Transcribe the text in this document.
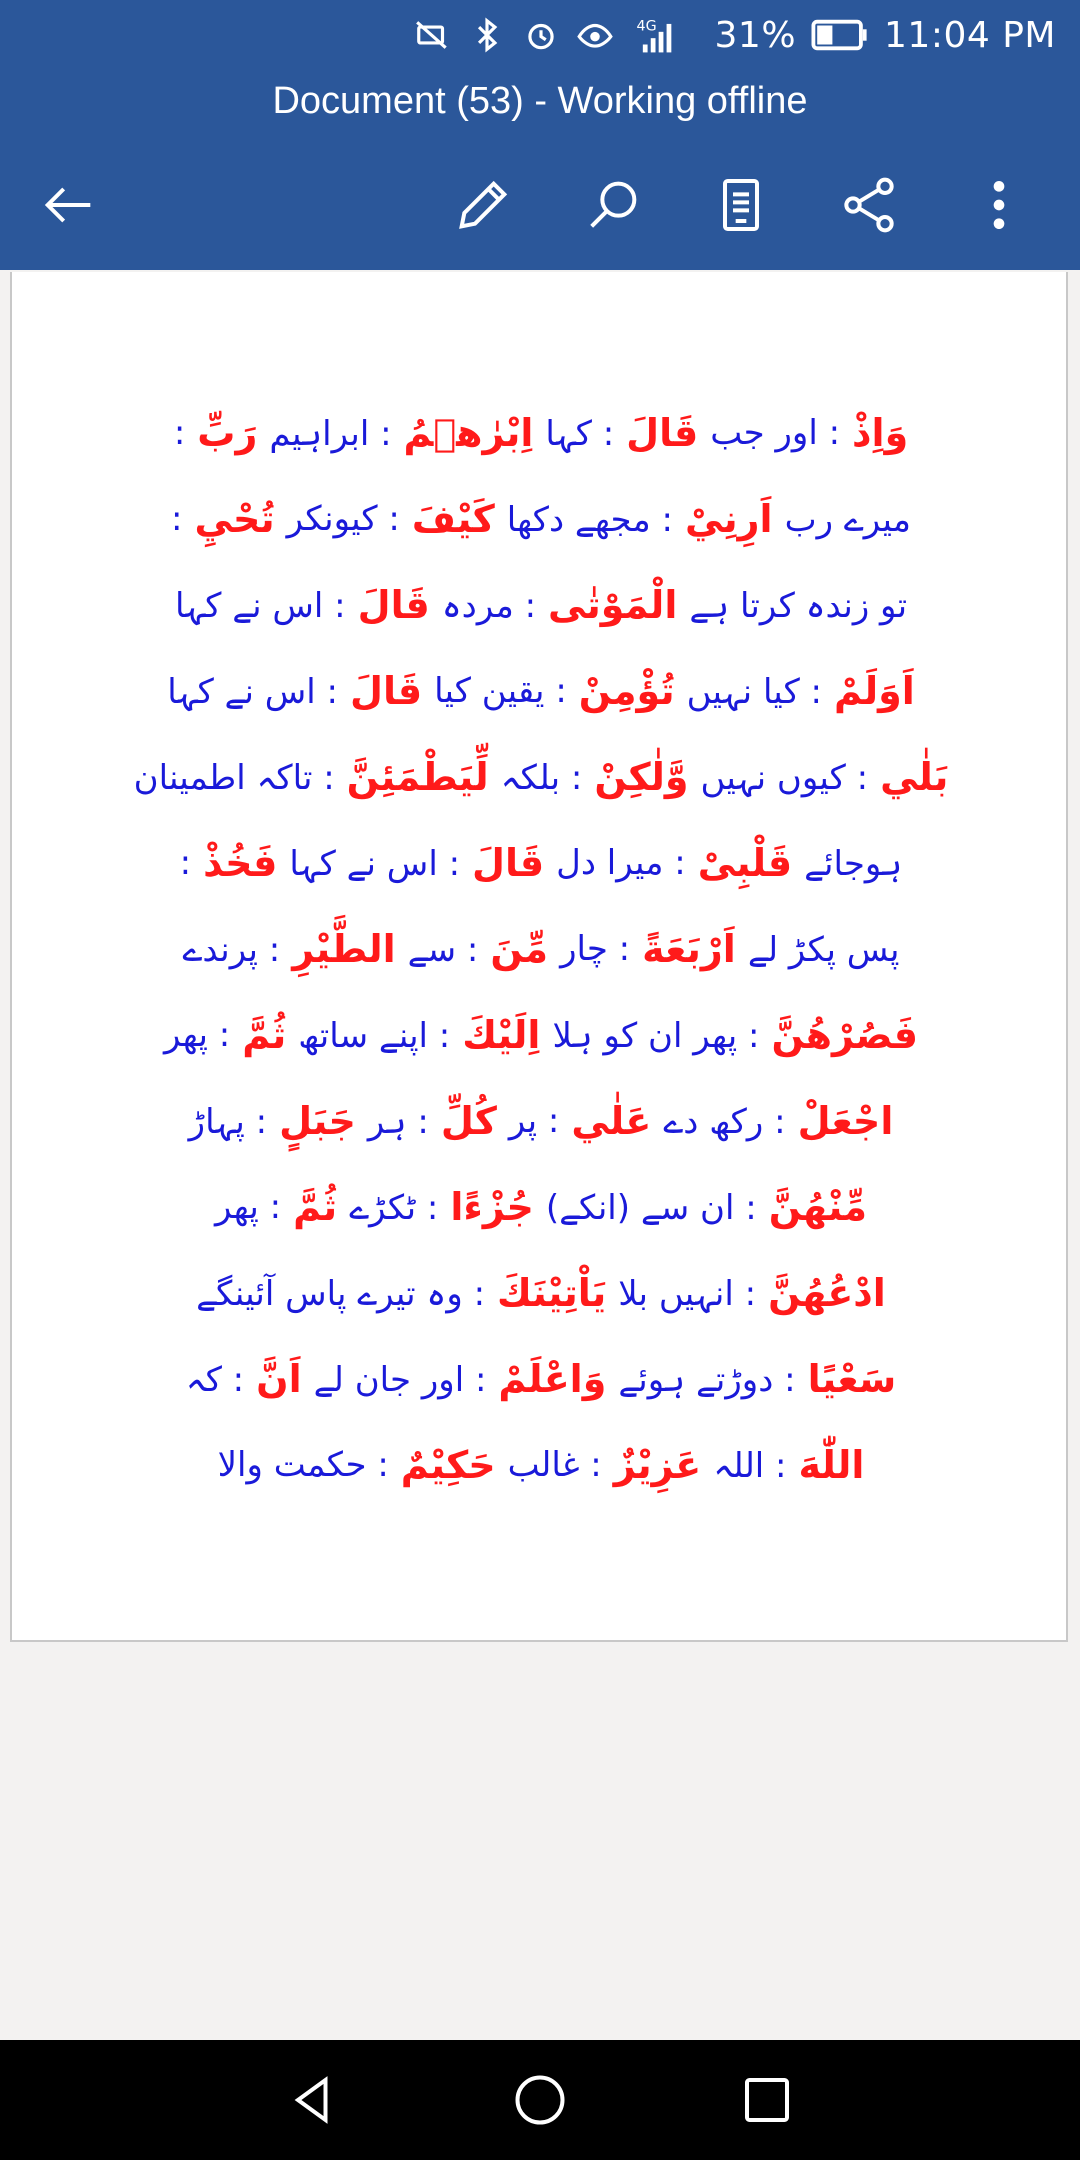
4G 31% 11:04 PM
Document (53) - Working offline
وَاِذْ
: اور جب
قَالَ
: کہا
اِبْرٰهٖمُ
: ابراہیم
رَبِّ
:
میرے رب
اَرِنِيْ
: مجھے دکھا
كَيْفَ
: کیونکر
تُحْيِ
:
تو زندہ کرتا ہے
الْمَوْتٰى
: مردہ
قَالَ
: اس نے کہا
اَوَلَمْ
: کیا نہیں
تُؤْمِنْ
: یقین کیا
قَالَ
: اس نے کہا
بَلٰي
: کیوں نہیں
وَّلٰكِنْ
: بلکہ
لِّيَطْمَئِنَّ
: تاکہ اطمینان
ہوجائے
قَلْبِىْ
: میرا دل
قَالَ
: اس نے کہا
فَخُذْ
:
پس پکڑ لے
اَرْبَعَةً
: چار
مِّنَ
: سے
الطَّيْرِ
: پرندے
فَصُرْهُنَّ
: پھر ان کو ہلا
اِلَيْكَ
: اپنے ساتھ
ثُمَّ
: پھر
اجْعَلْ
: رکھ دے
عَلٰي
: پر
كُلِّ
: ہر
جَبَلٍ
: پہاڑ
مِّنْهُنَّ
: ان سے (انکے)
جُزْءًا
: ٹکڑے
ثُمَّ
: پھر
ادْعُهُنَّ
: انہیں بلا
يَاْتِيْنَكَ
: وہ تیرے پاس آئینگے
سَعْيًا
: دوڑتے ہوئے
وَاعْلَمْ
: اور جان لے
اَنَّ
: کہ
اللّٰهَ
: اللہ
عَزِيْزٌ
: غالب
حَكِيْمٌ
: حکمت والا
